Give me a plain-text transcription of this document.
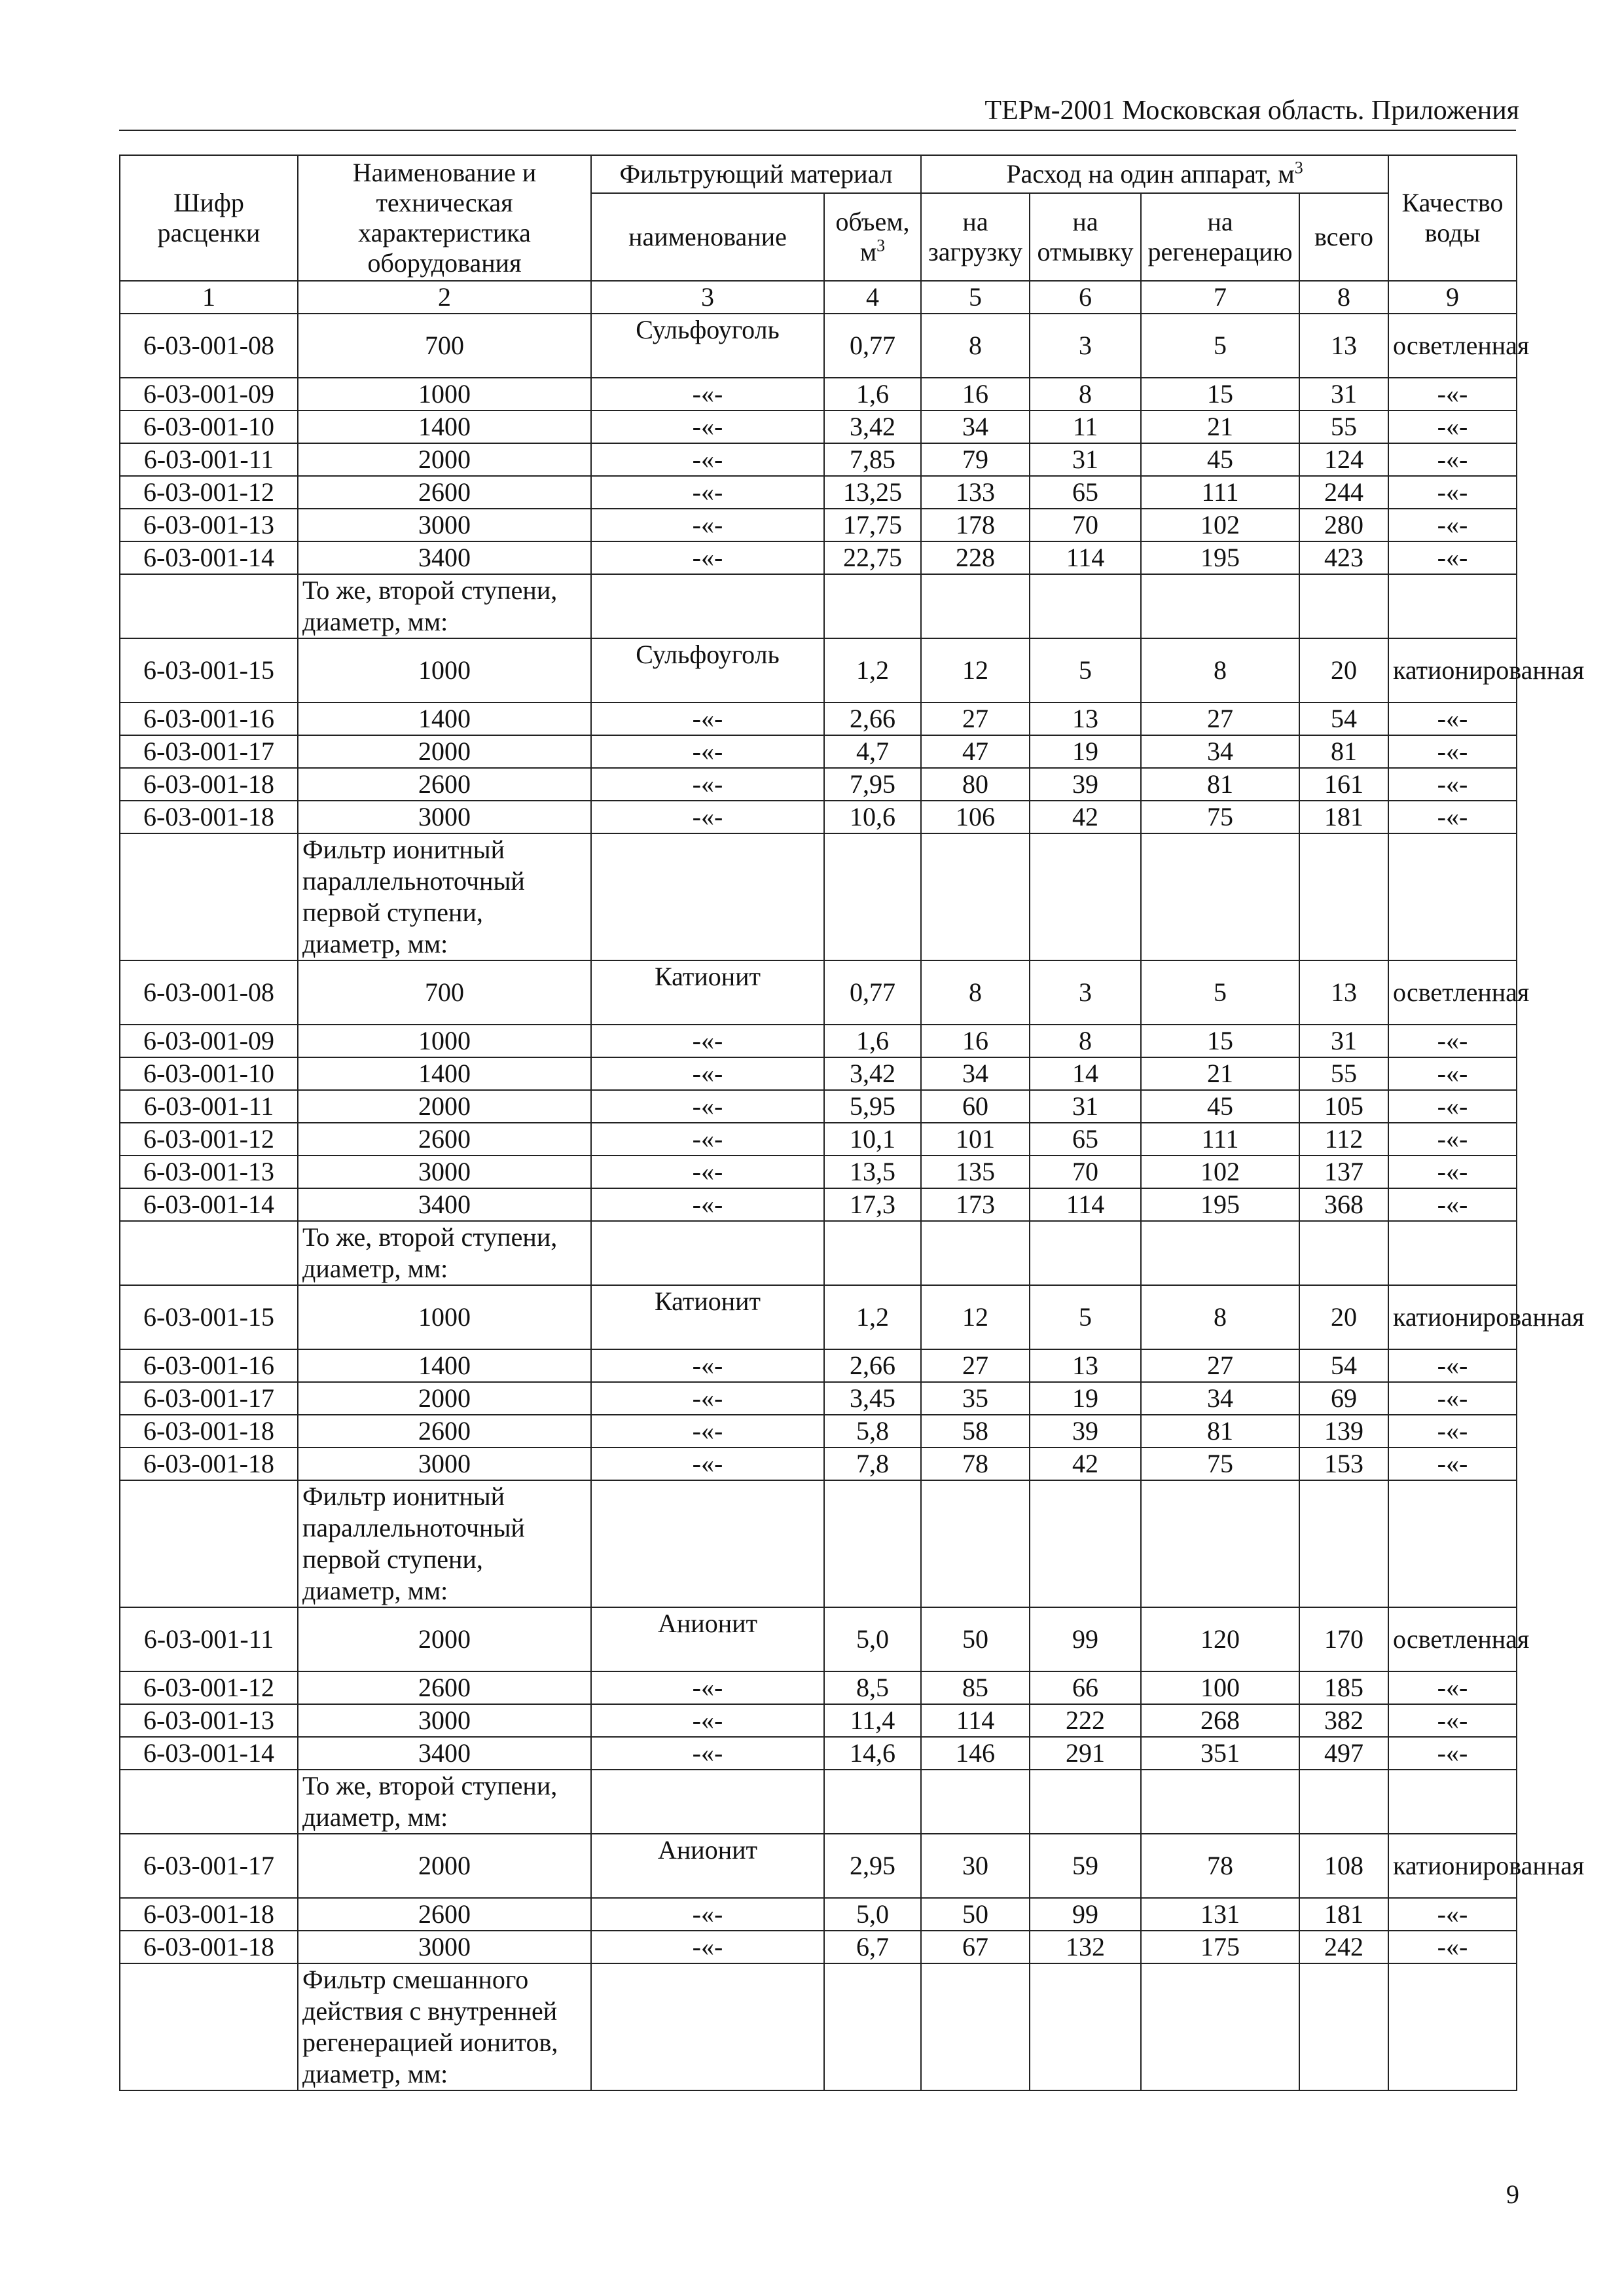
ТЕРм-2001 Московская область. Приложения
Шифр расценки	Наименование и техническая характеристика оборудования	Фильтрующий материал		Расход на один аппарат, $м^3$				Качество воды
		наименование	объем, $м^3$	на загрузку	на отмывку	на регенерацию	всего	
1	2	3	4	5	6	7	8	9
6-03-001-08	700	Сульфоуголь	0,77	8	3	5	13	осветленная
6-03-001-09	1000	-«-	1,6	16	8	15	31	-«-
6-03-001-10	1400	-«-	3,42	34	11	21	55	-«-
6-03-001-11	2000	-«-	7,85	79	31	45	124	-«-
6-03-001-12	2600	-«-	13,25	133	65	111	244	-«-
6-03-001-13	3000	-«-	17,75	178	70	102	280	-«-
6-03-001-14	3400	-«-	22,75	228	114	195	423	-«-
	То же, второй ступени, диаметр, мм:							
6-03-001-15	1000	Сульфоуголь	1,2	12	5	8	20	катионированная
6-03-001-16	1400	-«-	2,66	27	13	27	54	-«-
6-03-001-17	2000	-«-	4,7	47	19	34	81	-«-
6-03-001-18	2600	-«-	7,95	80	39	81	161	-«-
6-03-001-18	3000	-«-	10,6	106	42	75	181	-«-
	Фильтр ионитный параллельноточный первой ступени, диаметр, мм:							
6-03-001-08	700	Катионит	0,77	8	3	5	13	осветленная
6-03-001-09	1000	-«-	1,6	16	8	15	31	-«-
6-03-001-10	1400	-«-	3,42	34	14	21	55	-«-
6-03-001-11	2000	-«-	5,95	60	31	45	105	-«-
6-03-001-12	2600	-«-	10,1	101	65	111	112	-«-
6-03-001-13	3000	-«-	13,5	135	70	102	137	-«-
6-03-001-14	3400	-«-	17,3	173	114	195	368	-«-
	То же, второй ступени, диаметр, мм:							
6-03-001-15	1000	Катионит	1,2	12	5	8	20	катионированная
6-03-001-16	1400	-«-	2,66	27	13	27	54	-«-
6-03-001-17	2000	-«-	3,45	35	19	34	69	-«-
6-03-001-18	2600	-«-	5,8	58	39	81	139	-«-
6-03-001-18	3000	-«-	7,8	78	42	75	153	-«-
	Фильтр ионитный параллельноточный первой ступени, диаметр, мм:							
6-03-001-11	2000	Анионит	5,0	50	99	120	170	осветленная
6-03-001-12	2600	-«-	8,5	85	66	100	185	-«-
6-03-001-13	3000	-«-	11,4	114	222	268	382	-«-
6-03-001-14	3400	-«-	14,6	146	291	351	497	-«-
	То же, второй ступени, диаметр, мм:							
6-03-001-17	2000	Анионит	2,95	30	59	78	108	катионированная
6-03-001-18	2600	-«-	5,0	50	99	131	181	-«-
6-03-001-18	3000	-«-	6,7	67	132	175	242	-«-
	Фильтр смешанного действия с внутренней регенерацией ионитов, диаметр, мм:							
9
